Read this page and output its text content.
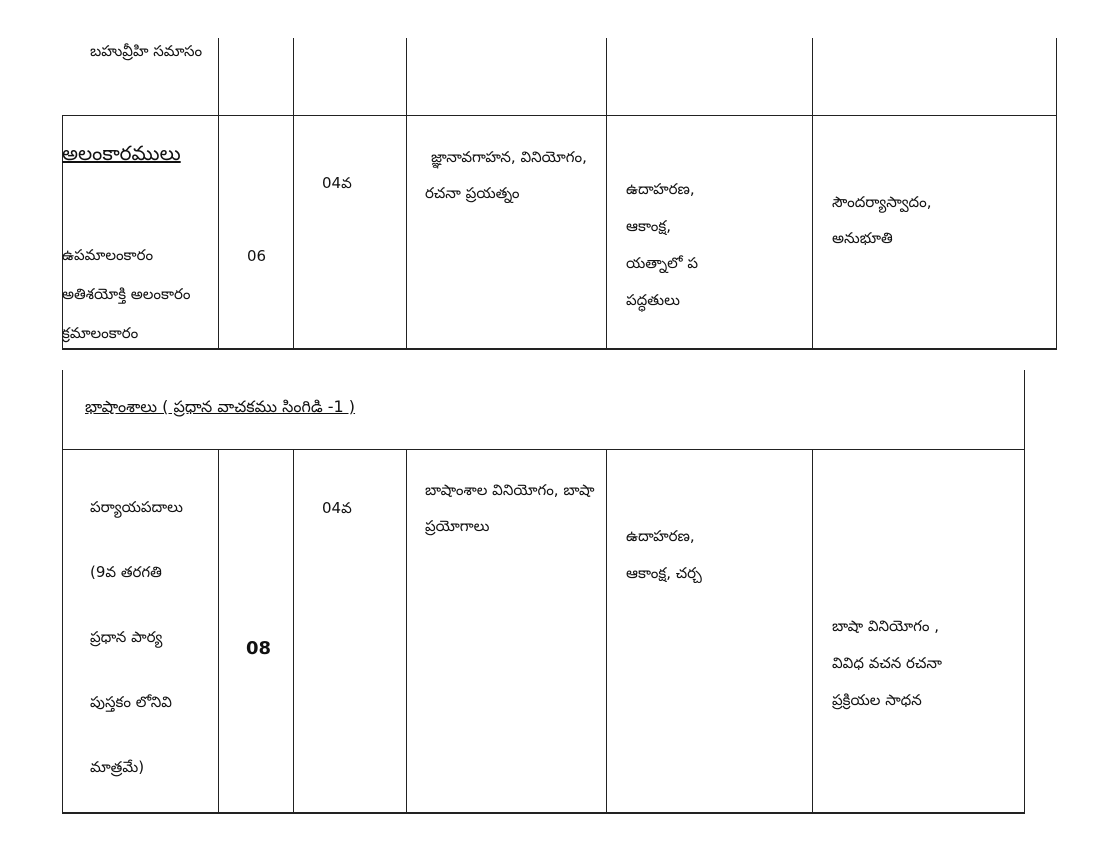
బహువ్రీహి సమాసం
అలంకారములు
ఉపమాలంకారం
అతిశయోక్తి అలంకారం
క్రమాలంకారం
06
04వ
జ్ఞానావగాహన, వినియోగం,
రచనా ప్రయత్నం	ఉదాహరణ,
ఆకాంక్ష,
యత్నాలో ప
పద్ధతులు
సౌందర్యాస్వాదం,
అనుభూతి
భాషాంశాలు ( ప్రధాన వాచకము సింగిడి -1 )
పర్యాయపదాలు
(9వ తరగతి
ప్రధాన పార్య
పుస్తకం లోనివి
మాత్రమే)
08
04వ
బాషాంశాల వినియోగం, బాషా
ప్రయోగాలు
ఉదాహరణ,
ఆకాంక్ష, చర్చ
బాషా వినియోగం ,
వివిధ వచన రచనా
ప్రక్రియల సాధన
